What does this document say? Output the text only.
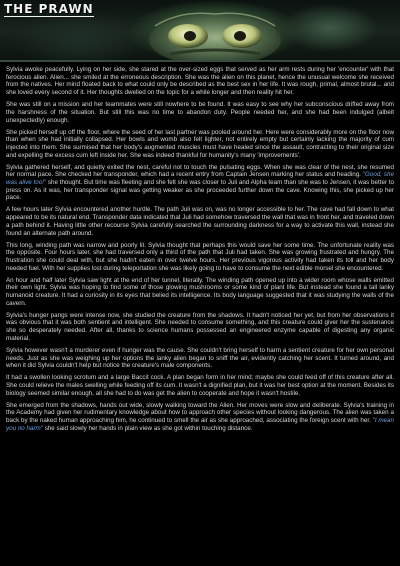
THE PRAWN

Sylvia awoke peacefully. Lying on her side, she stared at the over-sized eggs that served as her arm rests during her 'encounter' with that ferocious alien. Alien... she smiled at the erroneous description. She was the alien on this planet, hence the unusual welcome she received from the natives. Her mind floated back to what could only be described as the best sex in her life. It was rough, primal, almost brutal... and she loved every second of it. Her thoughts dwelled on the topic for a while longer and then reality hit her.

She was still on a mission and her teammates were still nowhere to be found. It was easy to see why her subconscious drifted away from the harshness of the situation. But still this was no time to abandon duty. People needed her, and she had been indulged (albeit unexpectedly) enough.

She picked herself up off the floor, where the seed of her last partner was pooled around her. Here were considerably more on the floor now than when she had initially collapsed. Her bowls and womb also felt lighter, not entirely empty but certainly lacking the majority of cum injected into them. She surmised that her body's augmented muscles must have healed since the assault, contracting to their original size and expelling the excess cum left inside her. She was indeed thankful for humanity's many 'improvements'.

Sylvia gathered herself, and quietly exited the nest, careful not to touch the pulsating eggs. When she was clear of the nest, she resumed her normal pace. She checked her transponder, which had a recent entry from Captain Jensen marking her status and heading. "Good, she was alive too!" she thought. But time was fleeting and she felt she was closer to Juli and Alpha team than she was to Jensen, it was better to press on. As it was, her transponder signal was getting weaker as she proceeded further down the cave. Knowing this, she picked up her pace.

A few hours later Sylvia encountered another hurdle. The path Juli was on, was no longer accessible to her. The cave had fall down to what appeared to be its natural end. Transponder data indicated that Juli had somehow traversed the wall that was in front her, and traveled down a path behind it. Having little other recourse Sylvia carefully searched the surrounding darkness for a way to activate this wall, instead she found an alternate path around.

This long, winding path was narrow and poorly lit. Sylvia thought that perhaps this would save her some time. The unfortunate reality was the opposite. Four hours later, she had traversed only a third of the path that Juli had taken. She was growing frustrated and hungry. The frustration she could deal with, but she hadn't eaten in over twelve hours. Her previous vigorous activity had taken its toll and her body needed fuel. With her supplies lost during teleportation she was likely going to have to consume the next edible morsel she encountered.

An hour and half later Sylvia saw light at the end of her tunnel, literally. The winding path opened up into a wider room whose walls emitted their own light. Sylvia was hoping to find some of those glowing mushrooms or some kind of plant life. But instead she found a tall lanky humanoid creature. It had a curiosity in its eyes that belied its intelligence. Its body language suggested that it was studying the walls of the cavern.

Sylvia's hunger pangs were intense now, she studied the creature from the shadows. It hadn't noticed her yet, but from her observations it was obvious that it was both sentient and intelligent. She needed to consume something, and this creature could giver her the sustenance she so desperately needed. After all, thanks to science humans possessed an engineered enzyme capable of digesting any organic material.

Sylvia however wasn't a murderer even if hunger was the cause. She couldn't bring herself to harm a sentient creature for her own personal needs. Just as she was weighing up her options the lanky alien began to sniff the air, evidently catching her scent. It turned around, and when it did Sylvia couldn't help but notice the creature's male components.

It had a swollen looking scrotum and a large Baccit cock. A plan began form in her mind; maybe she could feed off of this creature after all. She could relieve the males swelling while feeding off its cum. It wasn't a dignified plan, but it was her best option at the moment. Besides its biology seemed similar enough, all she had to do was get the alien to cooperate and hope it wasn't hostile.

She emerged from the shadows, hands out wide, slowly walking toward the Alien. Her moves were slow and deliberate. Sylvia's training in the Academy had given her rudimentary knowledge about how to approach other species without looking dangerous. The alien was taken a back by the naked human approaching him, he continued to smell the air as she approached, associating the foreign scent with her. "I mean you no harm" she said slowly her hands in plain view as she got within touching distance.
